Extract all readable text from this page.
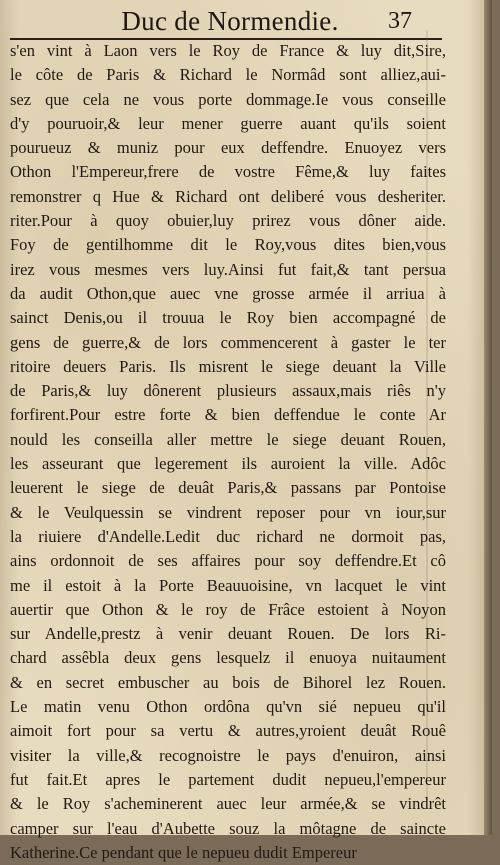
Duc de Normendie.	37
s'en vint à Laon vers le Roy de France & luy dit,Sire,
le côte de Paris & Richard le Normâd sont alliez,aui-
sez que cela ne vous porte dommage.Ie vous conseille
d'y pouruoir,& leur mener guerre auant qu'ils soient
pourueuz & muniz pour eux deffendre. Enuoyez vers
Othon l'Empereur,frere de vostre Fême,& luy faites
remonstrer q Hue & Richard ont deliberé vous desheriter.
riter.Pour à quoy obuier,luy prirez vous dôner aide.
Foy de gentilhomme dit le Roy,vous dites bien,vous
irez vous mesmes vers luy.Ainsi fut fait,& tant persua
da audit Othon,que auec vne grosse armée il arriua à
sainct Denis,ou il trouua le Roy bien accompagné de
gens de guerre,& de lors commencerent à gaster le ter
ritoire deuers Paris. Ils misrent le siege deuant la Ville
de Paris,& luy dônerent plusieurs assaux,mais riês n'y
forfirent.Pour estre forte & bien deffendue le conte Ar
nould les conseilla aller mettre le siege deuant Rouen,
les asseurant que legerement ils auroient la ville. Adôc
leuerent le siege de deuât Paris,& passans par Pontoise
& le Veulquessin se vindrent reposer pour vn iour,sur
la riuiere d'Andelle.Ledit duc richard ne dormoit pas,
ains ordonnoit de ses affaires pour soy deffendre.Et cô
me il estoit à la Porte Beauuoisine, vn lacquet le vint
auertir que Othon & le roy de Frâce estoient à Noyon
sur Andelle,prestz à venir deuant Rouen. De lors Ri-
chard assêbla deux gens lesquelz il enuoya nuitaument
& en secret embuscher au bois de Bihorel lez Rouen.
Le matin venu Othon ordôna qu'vn sié nepueu qu'il
aimoit fort pour sa vertu & autres,yroient deuât Rouê
visiter la ville,& recognoistre le pays d'enuiron, ainsi
fut fait.Et apres le partement dudit nepueu,l'empereur
& le Roy s'acheminerent auec leur armée,& se vindrêt
camper sur l'eau d'Aubette souz la môtagne de saincte
Katherine.Ce pendant que le nepueu dudit Empereur
